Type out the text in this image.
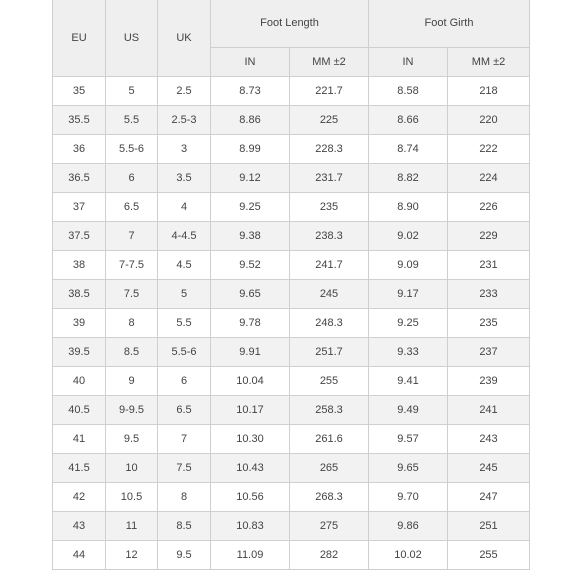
EU	US	UK	Foot Length		Foot Girth	
			IN	MM ±2	IN	MM ±2
35	5	2.5	8.73	221.7	8.58	218
35.5	5.5	2.5-3	8.86	225	8.66	220
36	5.5-6	3	8.99	228.3	8.74	222
36.5	6	3.5	9.12	231.7	8.82	224
37	6.5	4	9.25	235	8.90	226
37.5	7	4-4.5	9.38	238.3	9.02	229
38	7-7.5	4.5	9.52	241.7	9.09	231
38.5	7.5	5	9.65	245	9.17	233
39	8	5.5	9.78	248.3	9.25	235
39.5	8.5	5.5-6	9.91	251.7	9.33	237
40	9	6	10.04	255	9.41	239
40.5	9-9.5	6.5	10.17	258.3	9.49	241
41	9.5	7	10.30	261.6	9.57	243
41.5	10	7.5	10.43	265	9.65	245
42	10.5	8	10.56	268.3	9.70	247
43	11	8.5	10.83	275	9.86	251
44	12	9.5	11.09	282	10.02	255
